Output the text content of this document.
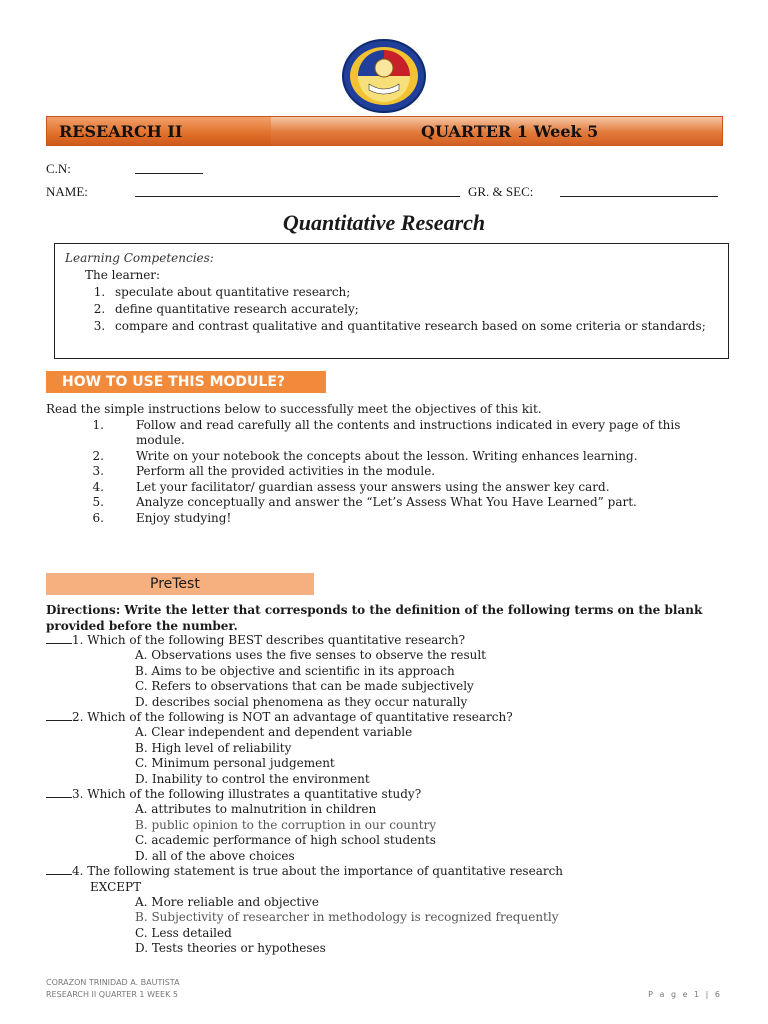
RESEARCH II	QUARTER 1 Week 5
C.N:
NAME:	GR. & SEC:
Quantitative Research
Learning Competencies:
The learner:
1. speculate about quantitative research;
2. define quantitative research accurately;
3. compare and contrast qualitative and quantitative research based on some criteria or standards;
HOW TO USE THIS MODULE?
Read the simple instructions below to successfully meet the objectives of this kit.
1.	Follow and read carefully all the contents and instructions indicated in every page of this module.
2.	Write on your notebook the concepts about the lesson. Writing enhances learning.
3.	Perform all the provided activities in the module.
4.	Let your facilitator/ guardian assess your answers using the answer key card.
5.	Analyze conceptually and answer the “Let’s Assess What You Have Learned” part.
6.	Enjoy studying!
PreTest
Directions: Write the letter that corresponds to the definition of the following terms on the blank provided before the number.
1. Which of the following BEST describes quantitative research?
A. Observations uses the five senses to observe the result
B. Aims to be objective and scientific in its approach
C. Refers to observations that can be made subjectively
D. describes social phenomena as they occur naturally
2. Which of the following is NOT an advantage of quantitative research?
A. Clear independent and dependent variable
B. High level of reliability
C. Minimum personal judgement
D. Inability to control the environment
3. Which of the following illustrates a quantitative study?
A. attributes to malnutrition in children
B. public opinion to the corruption in our country
C. academic performance of high school students
D. all of the above choices
4. The following statement is true about the importance of quantitative research
EXCEPT
A. More reliable and objective
B. Subjectivity of researcher in methodology is recognized frequently
C. Less detailed
D. Tests theories or hypotheses
CORAZON TRINIDAD A. BAUTISTA
RESEARCH II QUARTER 1 WEEK 5	P a g e 1 | 6
